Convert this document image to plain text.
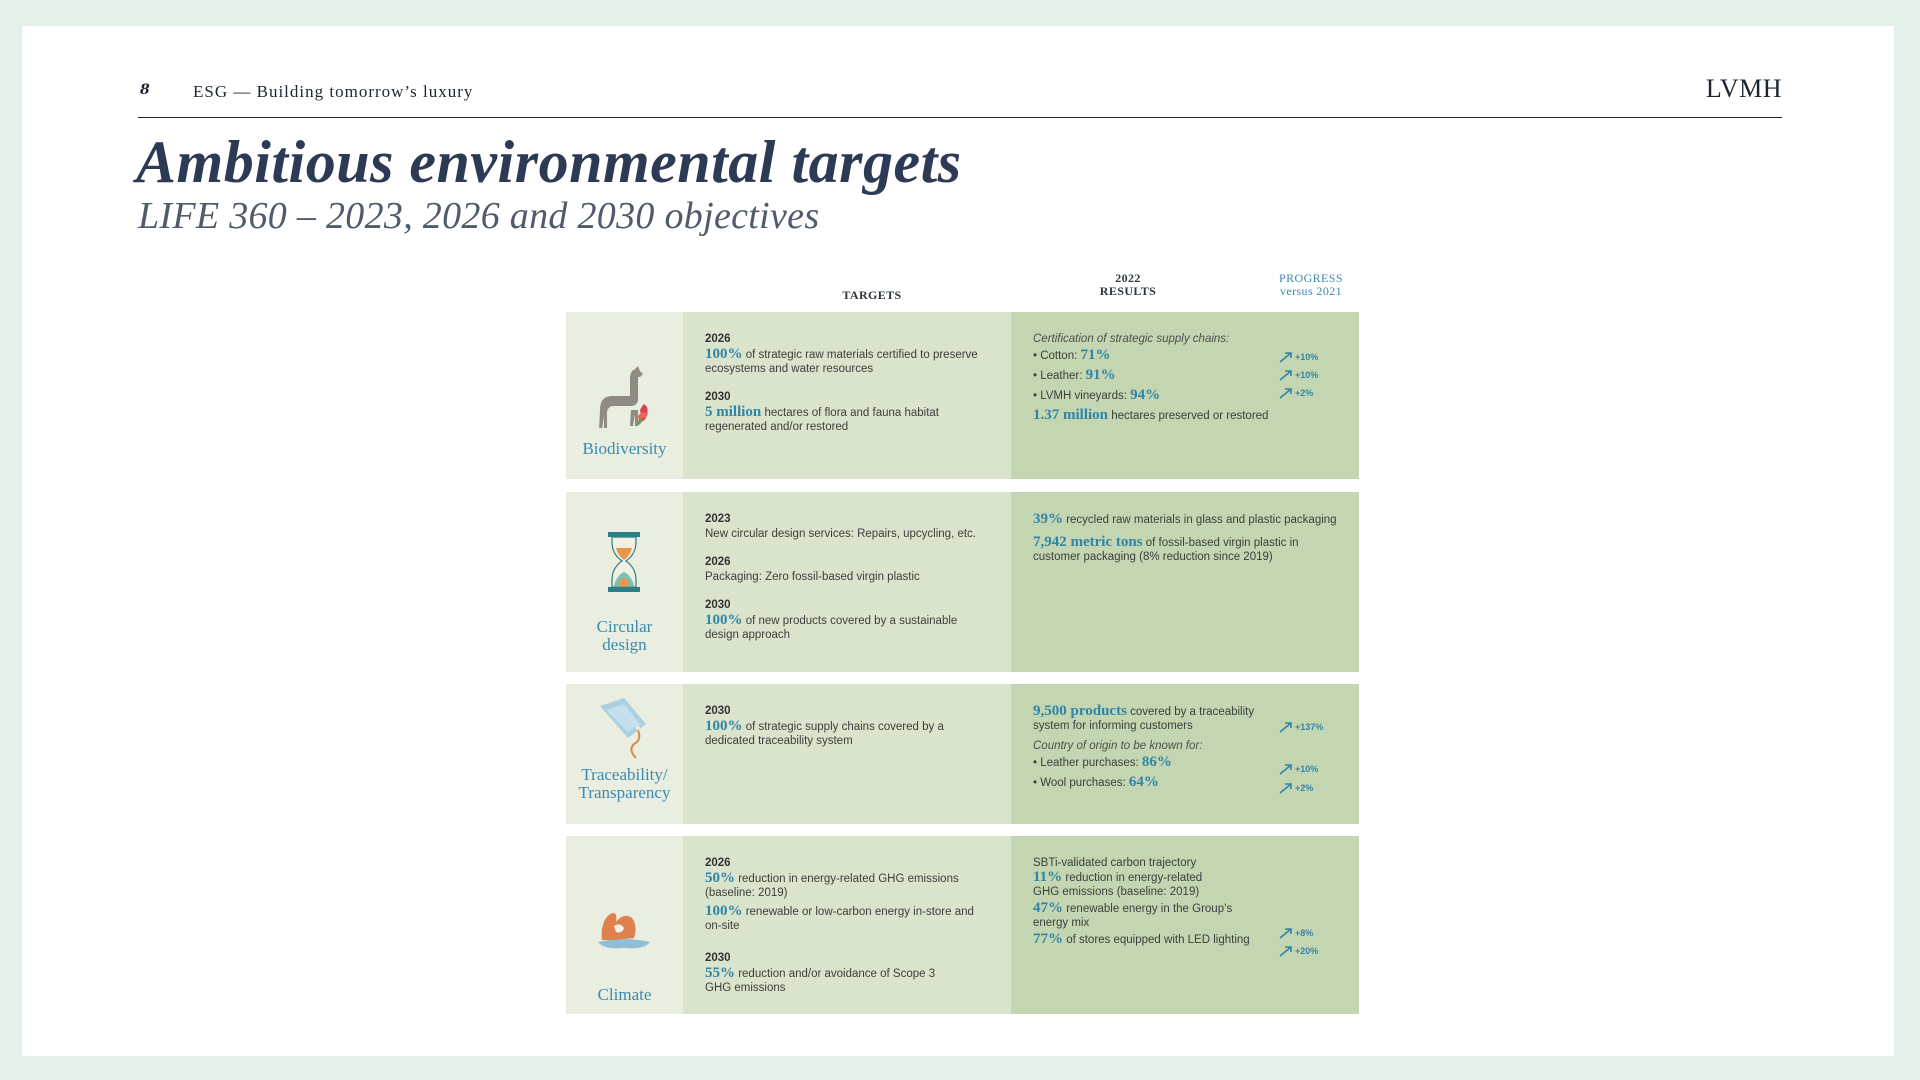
8	ESG — Building tomorrow’s luxury	LVMH
Ambitious environmental targets
LIFE 360 – 2023, 2026 and 2030 objectives
TARGETS
2022
RESULTS
PROGRESS
versus 2021
Biodiversity
2026
100% of strategic raw materials certified to preserve ecosystems and water resources
2030
5 million hectares of flora and fauna habitat regenerated and/or restored
Certification of strategic supply chains:
• Cotton: 71%
• Leather: 91%
• LVMH vineyards: 94%
1.37 million hectares preserved or restored
+10%
+10%
+2%
Circular
design
2023
New circular design services: Repairs, upcycling, etc.
2026
Packaging: Zero fossil-based virgin plastic
2030
100% of new products covered by a sustainable design approach
39% recycled raw materials in glass and plastic packaging
7,942 metric tons of fossil-based virgin plastic in customer packaging (8% reduction since 2019)
Traceability/
Transparency
2030
100% of strategic supply chains covered by a dedicated traceability system
9,500 products covered by a traceability system for informing customers
Country of origin to be known for:
• Leather purchases: 86%
• Wool purchases: 64%
+137%
+10%
+2%
Climate
2026
50% reduction in energy-related GHG emissions (baseline: 2019)
100% renewable or low-carbon energy in-store and on-site
2030
55% reduction and/or avoidance of Scope 3 GHG emissions
SBTi-validated carbon trajectory
11% reduction in energy-related GHG emissions (baseline: 2019)
47% renewable energy in the Group’s energy mix
77% of stores equipped with LED lighting
+8%
+20%
